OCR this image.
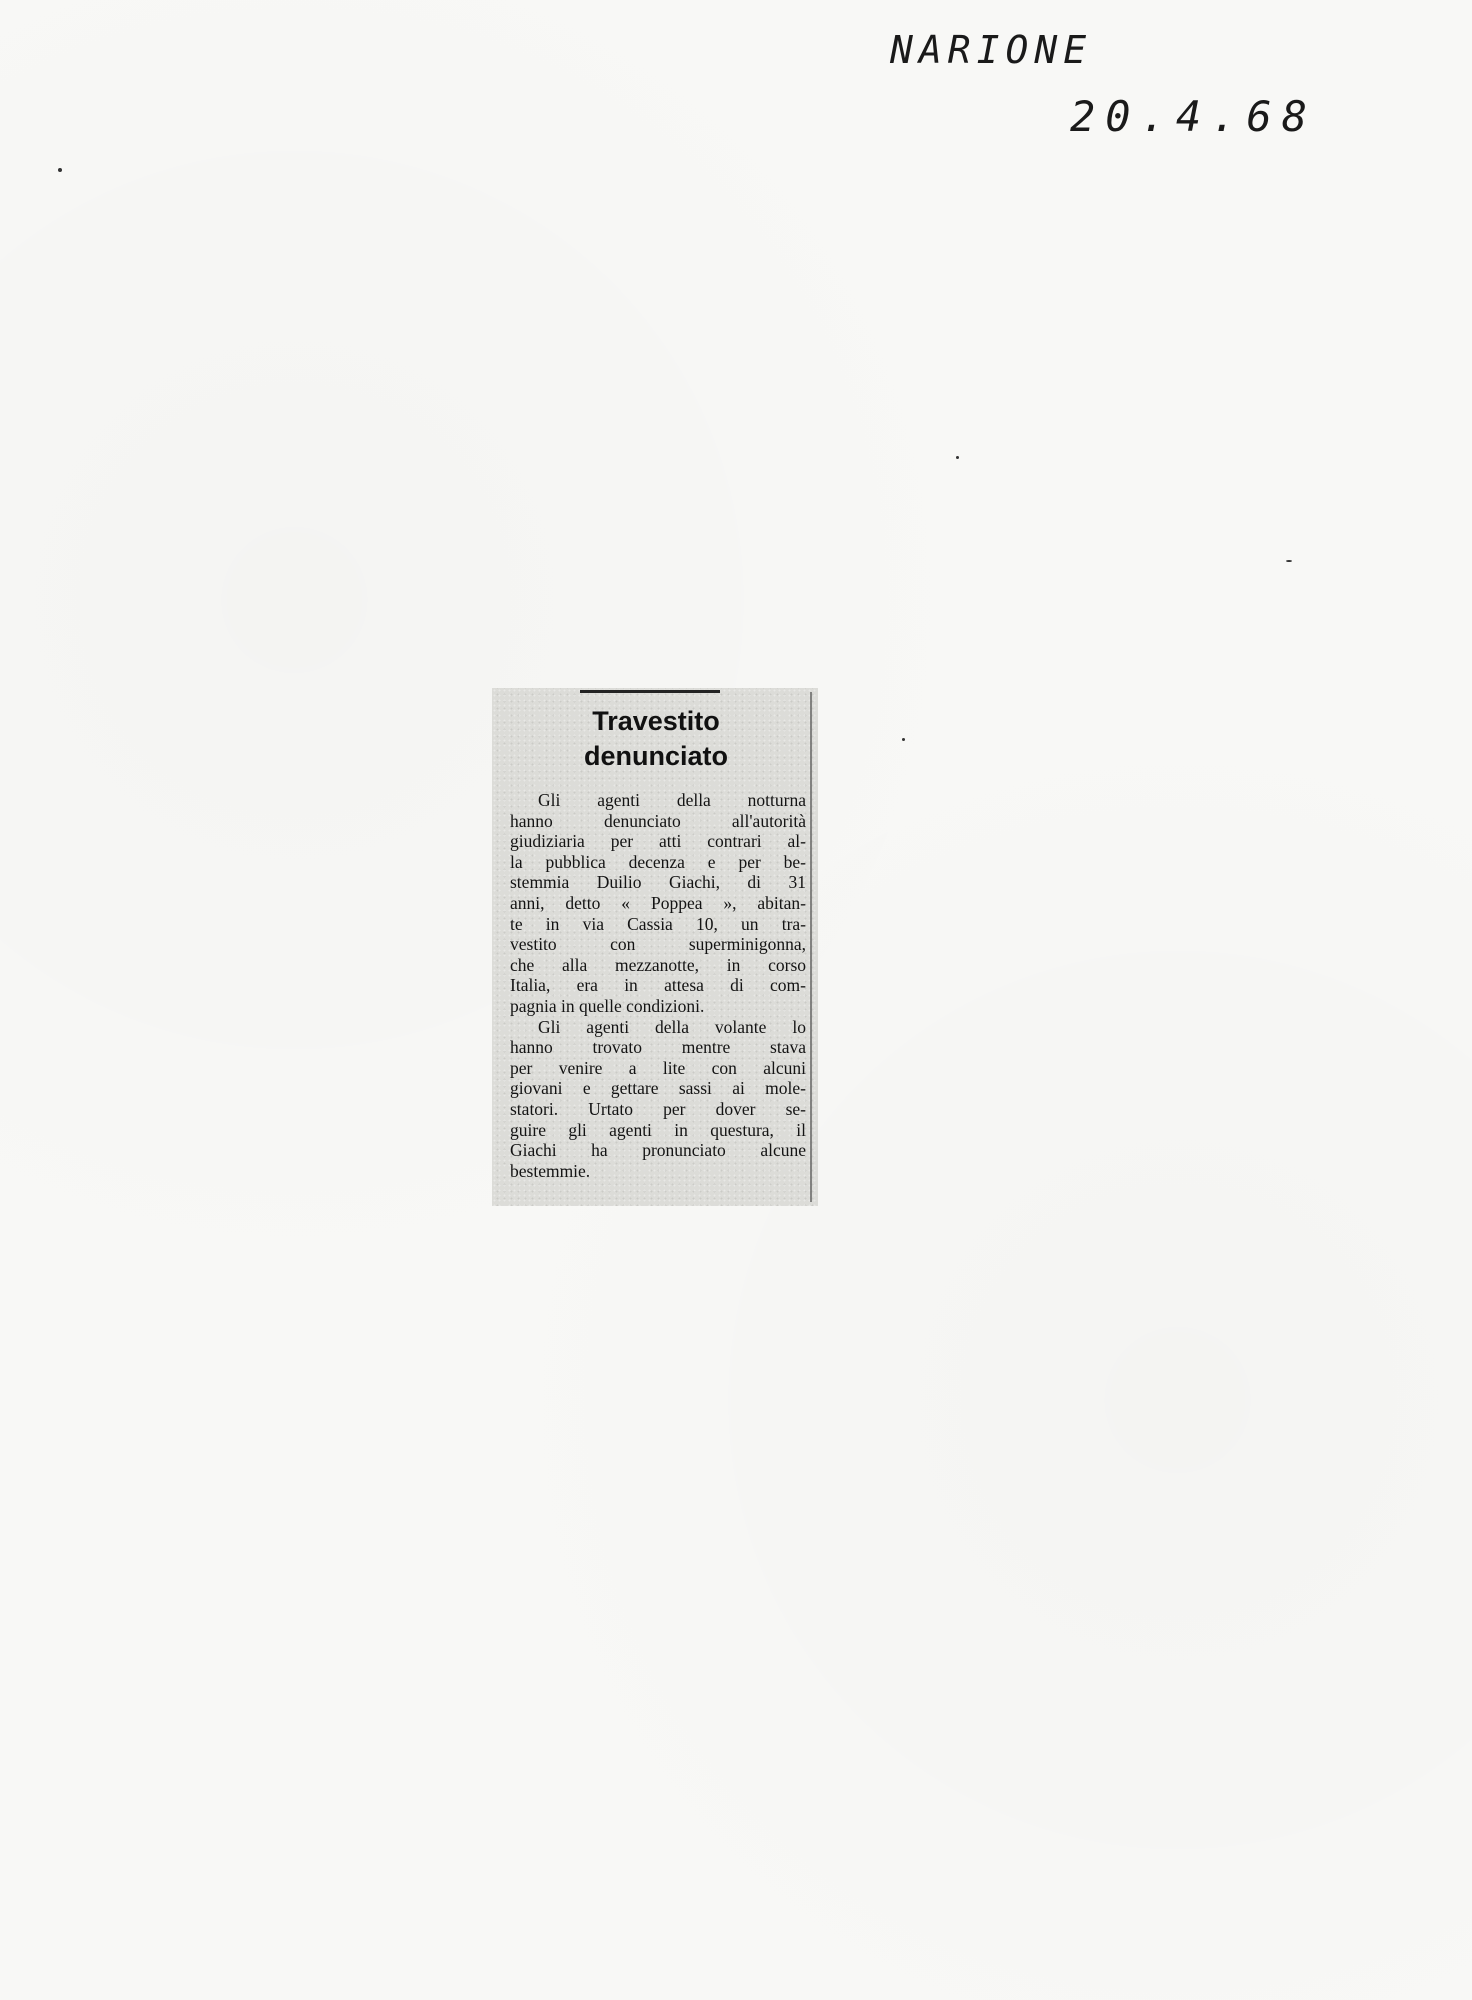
NARIONE
20.4.68
Travestito
denunciato
Gli agenti della notturna
hanno denunciato all'autorità
giudiziaria per atti contrari al-
la pubblica decenza e per be-
stemmia Duilio Giachi, di 31
anni, detto « Poppea », abitan-
te in via Cassia 10, un tra-
vestito con superminigonna,
che alla mezzanotte, in corso
Italia, era in attesa di com-
pagnia in quelle condizioni.
Gli agenti della volante lo
hanno trovato mentre stava
per venire a lite con alcuni
giovani e gettare sassi ai mole-
statori. Urtato per dover se-
guire gli agenti in questura, il
Giachi ha pronunciato alcune
bestemmie.
